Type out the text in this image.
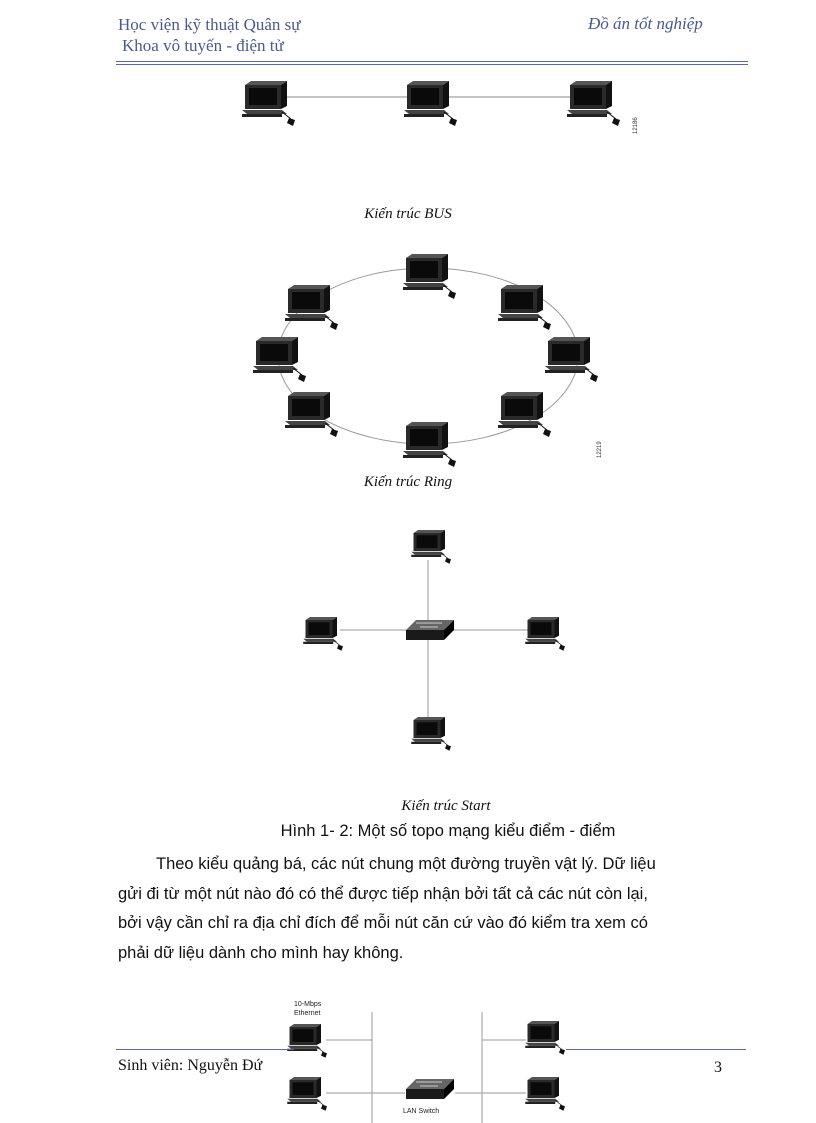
Học viện kỹ thuật Quân sự
Khoa vô tuyến - điện tử
Đồ án tốt nghiệp
12186
12219
10-Mbps
Ethernet
LAN Switch
Kiến trúc BUS
Kiến trúc Ring
Kiến trúc Start
Hình 1- 2: Một số topo mạng kiểu điểm - điểm
Theo kiểu quảng bá, các nút chung một đường truyền vật lý. Dữ liệu
gửi đi từ một nút nào đó có thể được tiếp nhận bởi tất cả các nút còn lại,
bởi vậy cần chỉ ra địa chỉ đích để mỗi nút căn cứ vào đó kiểm tra xem có
phải dữ liệu dành cho mình hay không.
Sinh viên: Nguyễn Đứ	3
